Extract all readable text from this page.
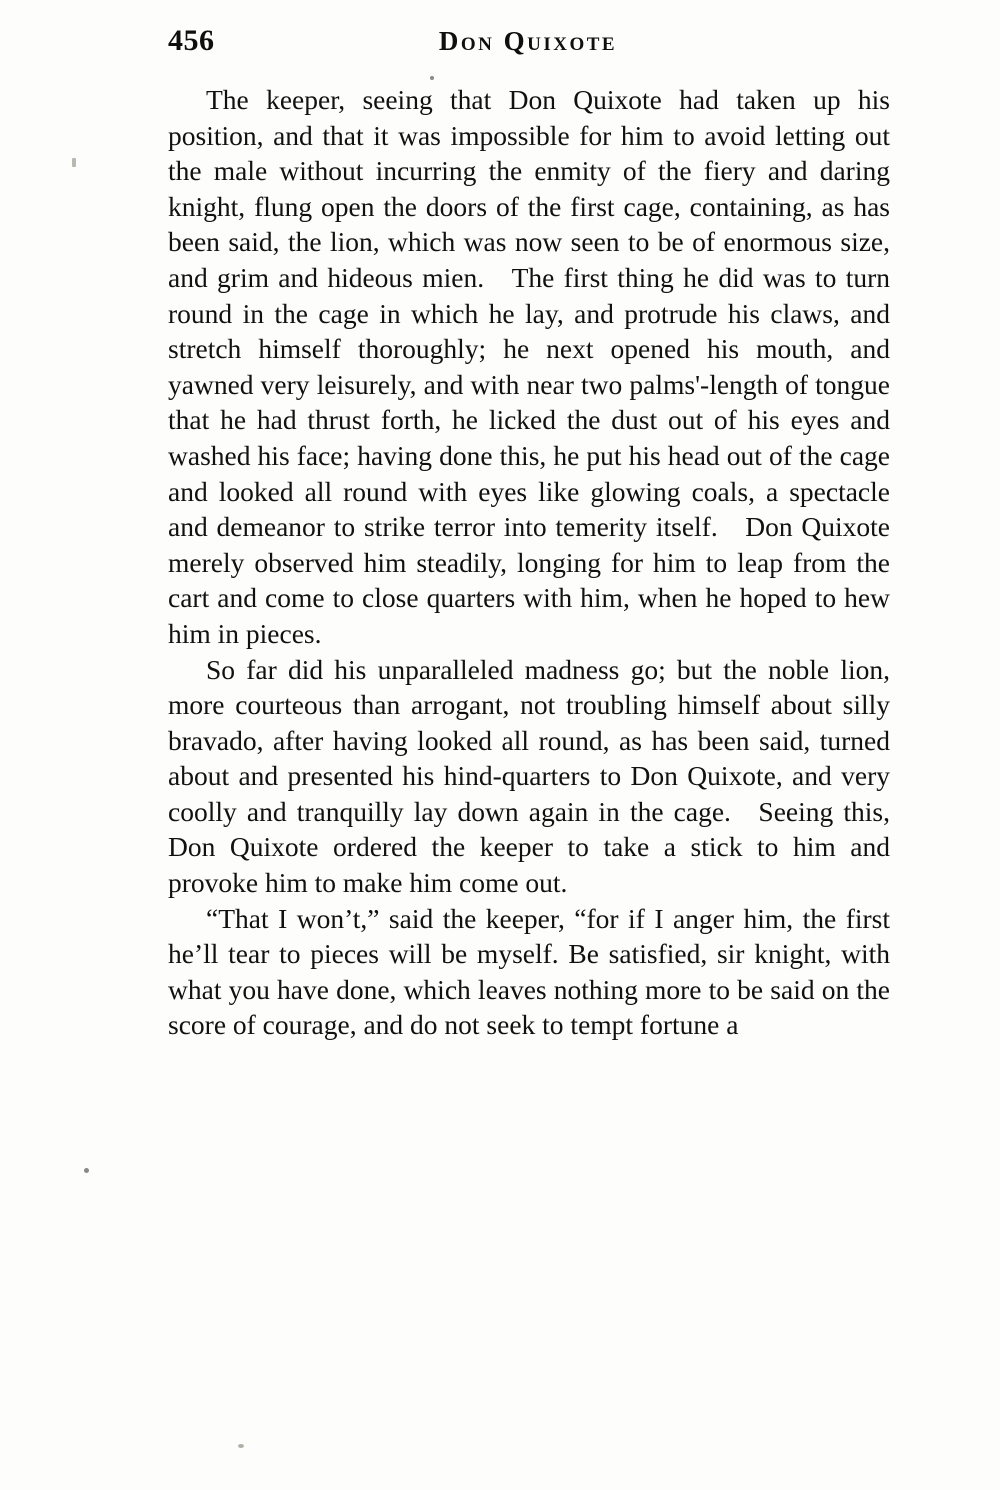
456	Don Quixote

The keeper, seeing that Don Quixote had taken up his position, and that it was impossible for him to avoid letting out the male without incurring the enmity of the fiery and daring knight, flung open the doors of the first cage, containing, as has been said, the lion, which was now seen to be of enormous size, and grim and hideous mien. The first thing he did was to turn round in the cage in which he lay, and protrude his claws, and stretch himself thoroughly; he next opened his mouth, and yawned very leisurely, and with near two palms'-length of tongue that he had thrust forth, he licked the dust out of his eyes and washed his face; having done this, he put his head out of the cage and looked all round with eyes like glowing coals, a spectacle and demeanor to strike terror into temerity itself. Don Quixote merely observed him steadily, longing for him to leap from the cart and come to close quarters with him, when he hoped to hew him in pieces.

So far did his unparalleled madness go; but the noble lion, more courteous than arrogant, not troubling himself about silly bravado, after having looked all round, as has been said, turned about and presented his hind-quarters to Don Quixote, and very coolly and tranquilly lay down again in the cage. Seeing this, Don Quixote ordered the keeper to take a stick to him and provoke him to make him come out.

“That I won’t,” said the keeper, “for if I anger him, the first he’ll tear to pieces will be myself. Be satisfied, sir knight, with what you have done, which leaves nothing more to be said on the score of courage, and do not seek to tempt fortune a
